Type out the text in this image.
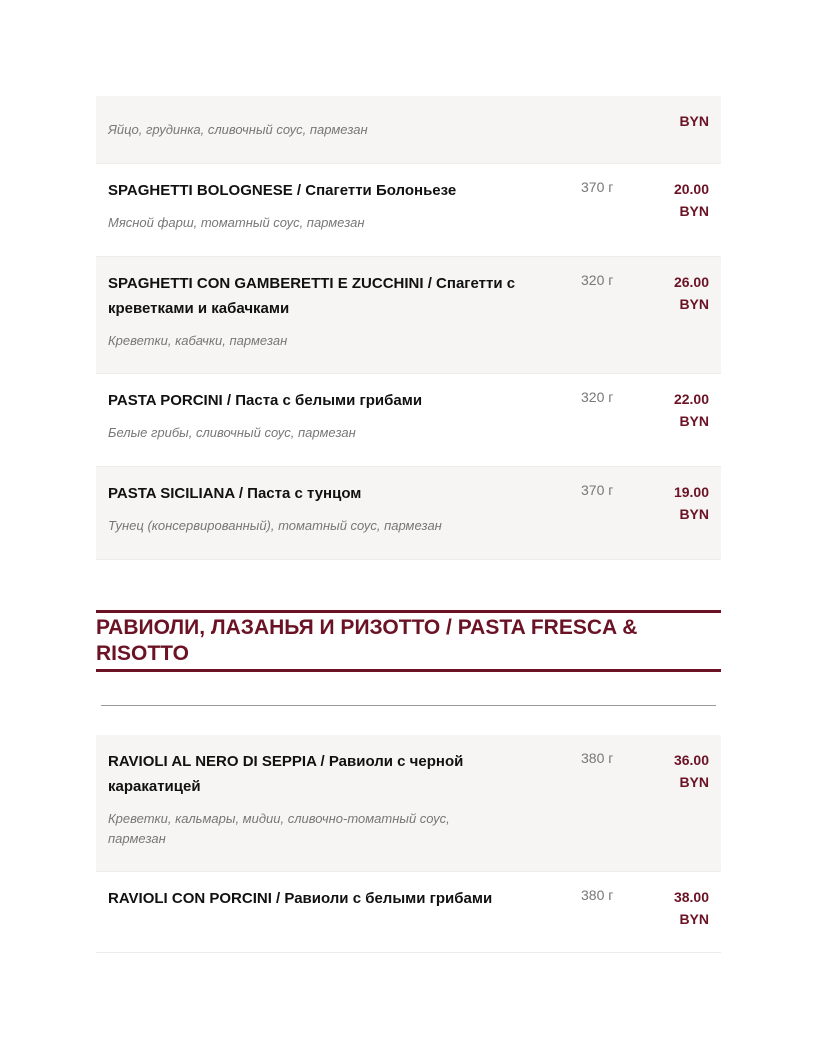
Яйцо, грудинка, сливочный соус, пармезан
BYN
SPAGHETTI BOLOGNESE / Спагетти Болоньезе
Мясной фарш, томатный соус, пармезан
370 г	20.00
BYN
SPAGHETTI CON GAMBERETTI E ZUCCHINI / Спагетти с креветками и кабачками
Креветки, кабачки, пармезан
320 г	26.00
BYN
PASTA PORCINI / Паста с белыми грибами
Белые грибы, сливочный соус, пармезан
320 г	22.00
BYN
PASTA SICILIANA / Паста с тунцом
Тунец (консервированный), томатный соус, пармезан
370 г	19.00
BYN
РАВИОЛИ, ЛАЗАНЬЯ И РИЗОТТО / PASTA FRESCA & RISOTTO
RAVIOLI AL NERO DI SEPPIA / Равиоли с черной каракатицей
Креветки, кальмары, мидии, сливочно-томатный соус, пармезан
380 г	36.00
BYN
RAVIOLI CON PORCINI / Равиоли с белыми грибами	380 г	38.00
BYN
